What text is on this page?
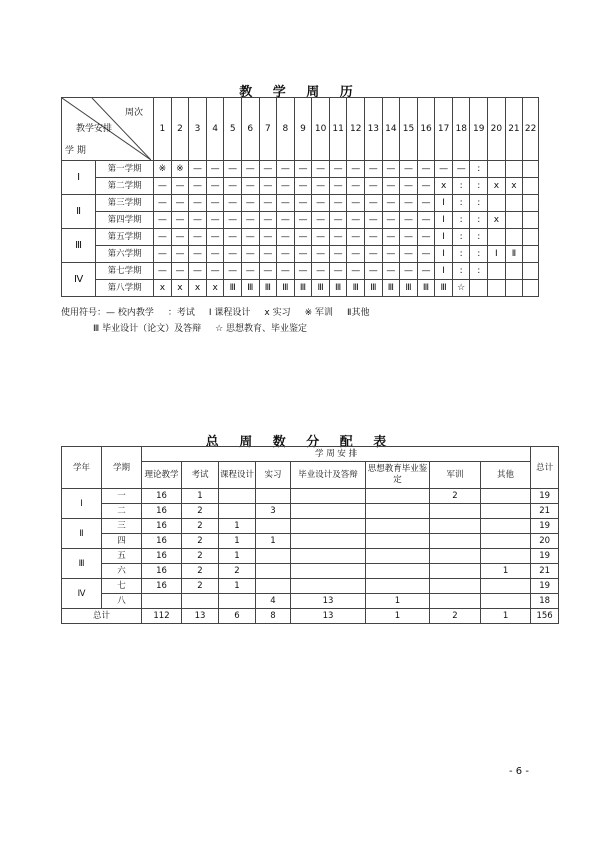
教 学 周 历
周次
教学安排
学 期		1	2	3	4	5	6	7	8	9	10	11	12	13	14	15	16	17	18	19	20	21	22
Ⅰ	第一学期	※	※	—	—	—	—	—	—	—	—	—	—	—	—	—	—	—	—	:			
	第二学期	—	—	—	—	—	—	—	—	—	—	—	—	—	—	—	—	x	:	:	x	x	
Ⅱ	第三学期	—	—	—	—	—	—	—	—	—	—	—	—	—	—	—	—	Ⅰ	:	:			
	第四学期	—	—	—	—	—	—	—	—	—	—	—	—	—	—	—	—	Ⅰ	:	:	x		
Ⅲ	第五学期	—	—	—	—	—	—	—	—	—	—	—	—	—	—	—	—	Ⅰ	:	:			
	第六学期	—	—	—	—	—	—	—	—	—	—	—	—	—	—	—	—	Ⅰ	:	:	Ⅰ	Ⅱ	
Ⅳ	第七学期	—	—	—	—	—	—	—	—	—	—	—	—	—	—	—	—	Ⅰ	:	:			
	第八学期	x	x	x	x	Ⅲ	Ⅲ	Ⅲ	Ⅲ	Ⅲ	Ⅲ	Ⅲ	Ⅲ	Ⅲ	Ⅲ	Ⅲ	Ⅲ	Ⅲ	☆				
使用符号：— 校内教学 ：考试 Ⅰ 课程设计 x 实习 ※ 军训 Ⅱ其他
Ⅲ 毕业设计（论文）及答辩 ☆ 思想教育、毕业鉴定
总 周 数 分 配 表
学年	学期	学 周 安 排								总计
		理论教学	考试	课程设计	实习	毕业设计及答辩	思想教育毕业鉴定	军训	其他	
Ⅰ	一	16	1					2		19
	二	16	2		3					21
Ⅱ	三	16	2	1						19
	四	16	2	1	1					20
Ⅲ	五	16	2	1						19
	六	16	2	2					1	21
Ⅳ	七	16	2	1						19
	八				4	13	1			18
总计		112	13	6	8	13	1	2	1	156
- 6 -
